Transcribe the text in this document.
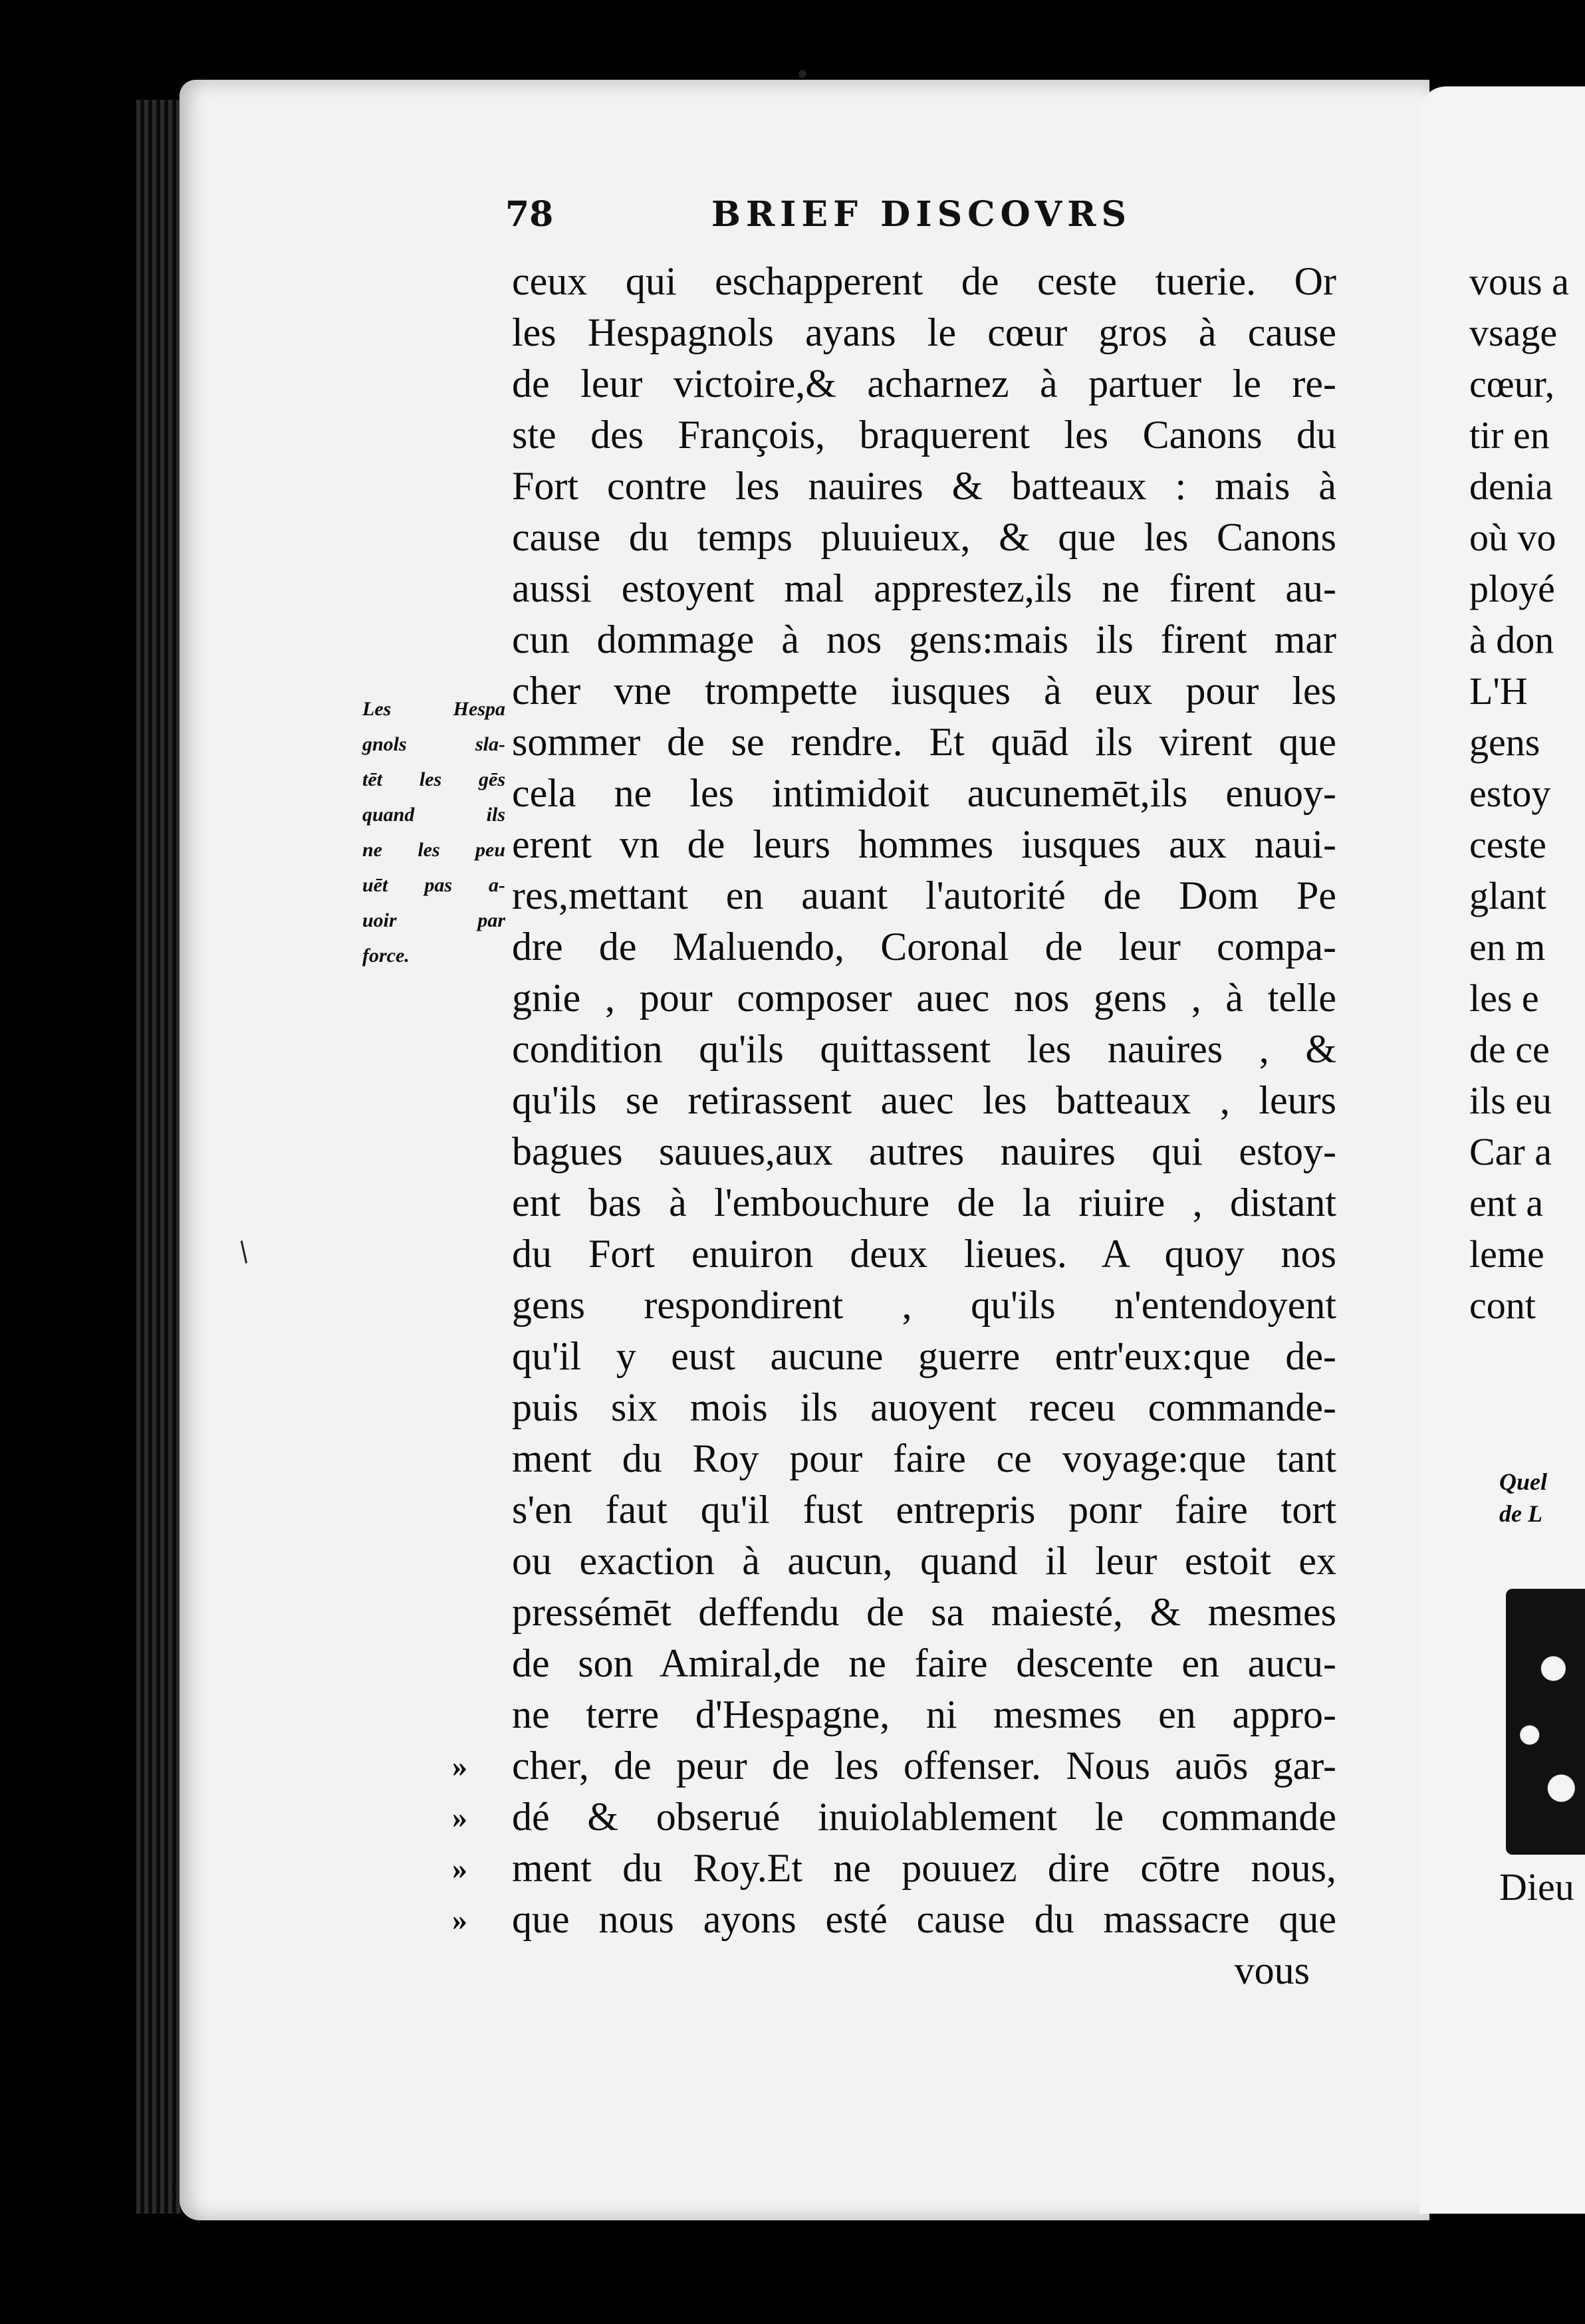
78	BRIEF DISCOVRS
Les Hespa
gnols sla-
tēt les gēs
quand ils
ne les peu
uēt pas a-
uoir par
force.
ceux qui eschapperent de ceste tuerie. Or
les Hespagnols ayans le cœur gros à cause
de leur victoire,& acharnez à partuer le re-
ste des François, braquerent les Canons du
Fort contre les nauires & batteaux : mais à
cause du temps pluuieux, & que les Canons
aussi estoyent mal apprestez,ils ne firent au-
cun dommage à nos gens:mais ils firent mar
cher vne trompette iusques à eux pour les
sommer de se rendre. Et quād ils virent que
cela ne les intimidoit aucunemēt,ils enuoy-
erent vn de leurs hommes iusques aux naui-
res,mettant en auant l'autorité de Dom Pe
dre de Maluendo, Coronal de leur compa-
gnie , pour composer auec nos gens , à telle
condition qu'ils quittassent les nauires , &
qu'ils se retirassent auec les batteaux , leurs
bagues sauues,aux autres nauires qui estoy-
ent bas à l'embouchure de la riuire , distant
du Fort enuiron deux lieues. A quoy nos
gens respondirent , qu'ils n'entendoyent
qu'il y eust aucune guerre entr'eux:que de-
puis six mois ils auoyent receu commande-
ment du Roy pour faire ce voyage:que tant
s'en faut qu'il fust entrepris ponr faire tort
ou exaction à aucun, quand il leur estoit ex
pressémēt deffendu de sa maiesté, & mesmes
de son Amiral,de ne faire descente en aucu-
ne terre d'Hespagne, ni mesmes en appro-
» cher, de peur de les offenser. Nous auōs gar-
» dé & obserué inuiolablement le commande
» ment du Roy.Et ne pouuez dire cōtre nous,
» que nous ayons esté cause du massacre que
vous
vous a
vsage
cœur,
tir en
denia
où vo
ployé
à don
L'H
gens
estoy
ceste
glant
en m
les e
de ce
ils eu
Car a
ent a
leme
cont
Quel
de L
Dieu
/
•
